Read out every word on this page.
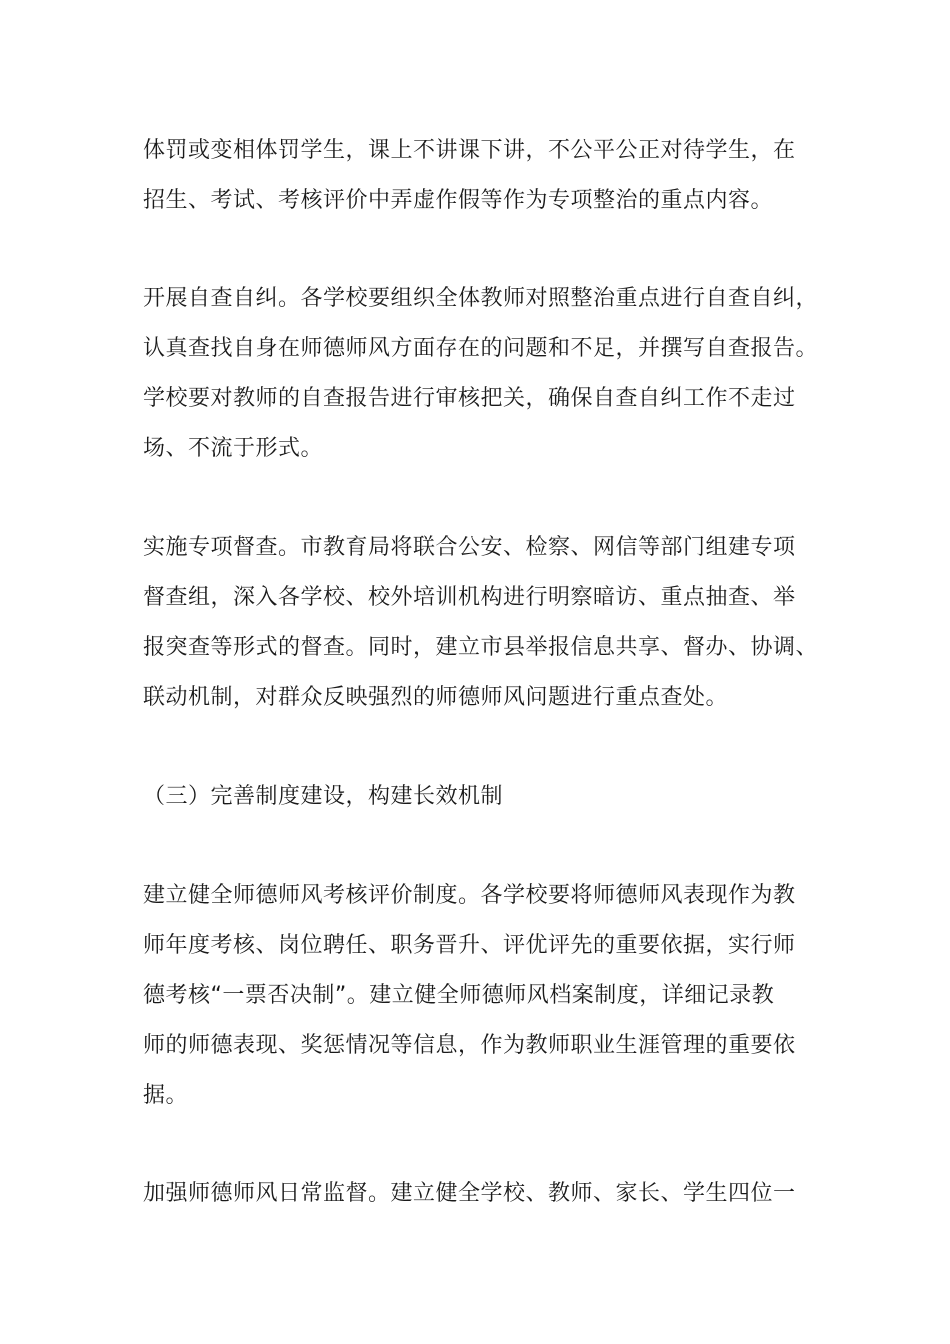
体罚或变相体罚学生，课上不讲课下讲，不公平公正对待学生，在
招生、考试、考核评价中弄虚作假等作为专项整治的重点内容。
开展自查自纠。各学校要组织全体教师对照整治重点进行自查自纠，
认真查找自身在师德师风方面存在的问题和不足，并撰写自查报告。
学校要对教师的自查报告进行审核把关，确保自查自纠工作不走过
场、不流于形式。
实施专项督查。市教育局将联合公安、检察、网信等部门组建专项
督查组，深入各学校、校外培训机构进行明察暗访、重点抽查、举
报突查等形式的督查。同时，建立市县举报信息共享、督办、协调、
联动机制，对群众反映强烈的师德师风问题进行重点查处。
（三）完善制度建设，构建长效机制
建立健全师德师风考核评价制度。各学校要将师德师风表现作为教
师年度考核、岗位聘任、职务晋升、评优评先的重要依据，实行师
德考核“一票否决制”。建立健全师德师风档案制度，详细记录教
师的师德表现、奖惩情况等信息，作为教师职业生涯管理的重要依
据。
加强师德师风日常监督。建立健全学校、教师、家长、学生四位一
